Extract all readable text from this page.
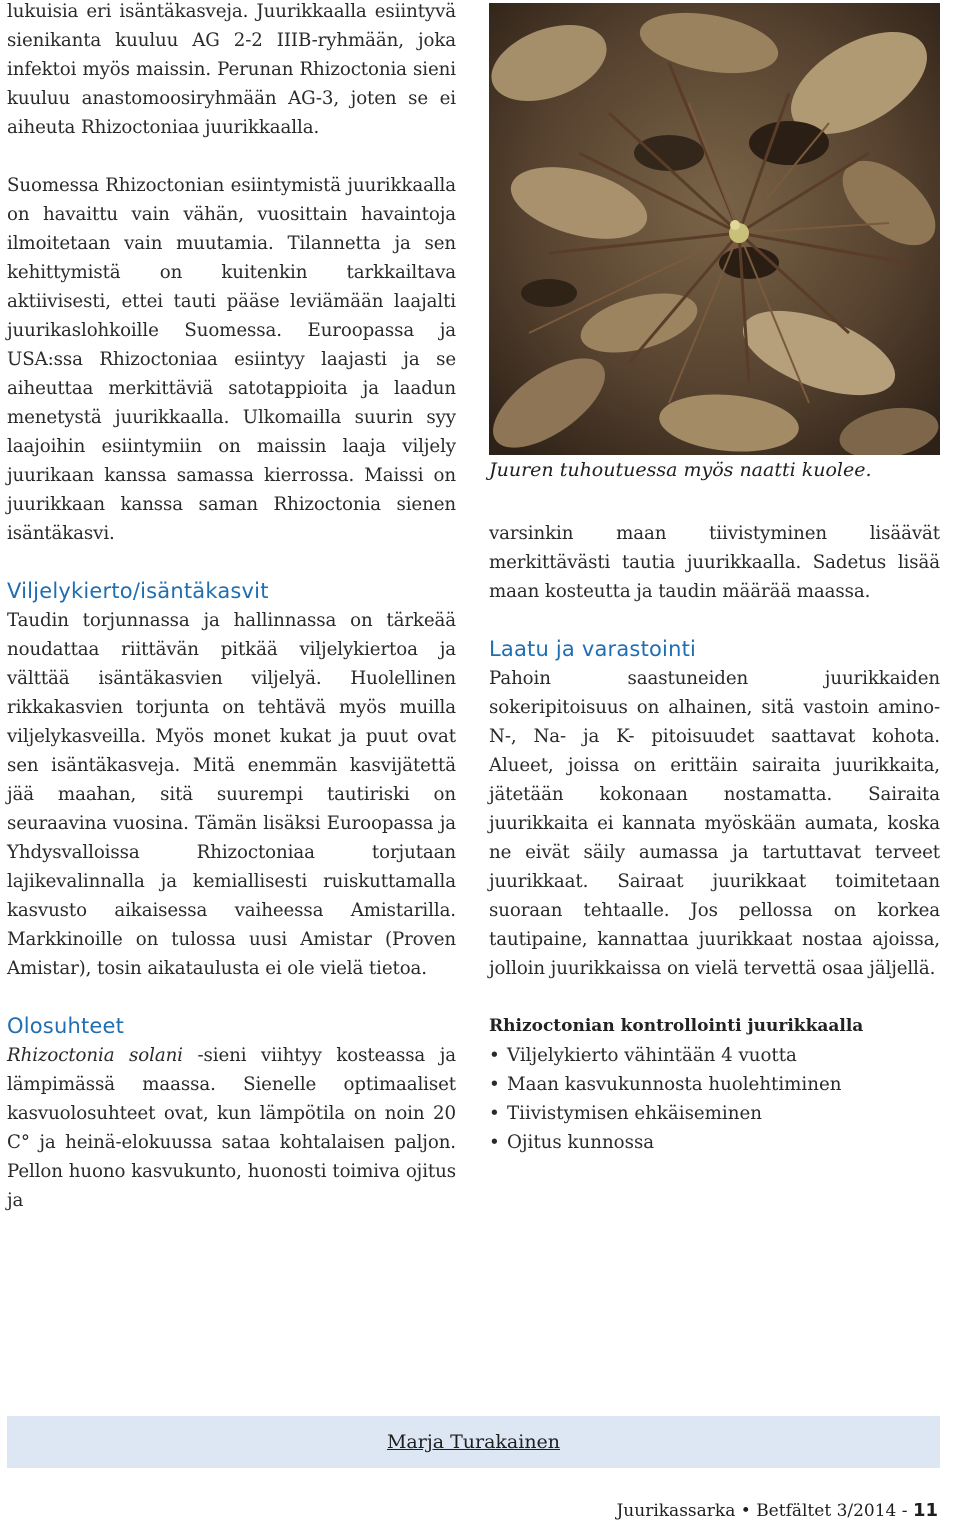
lukuisia eri isäntäkasveja. Juurikkaalla esiintyvä sienikanta kuuluu AG 2-2 IIIB-ryhmään, joka infektoi myös maissin. Perunan Rhizoctonia sieni kuuluu anastomoosiryhmään AG-3, joten se ei aiheuta Rhizoctoniaa juurikkaalla.

Suomessa Rhizoctonian esiintymistä juurikkaalla on havaittu vain vähän, vuosittain havaintoja ilmoitetaan vain muutamia. Tilannetta ja sen kehittymistä on kuitenkin tarkkailtava aktiivisesti, ettei tauti pääse leviämään laajalti juurikaslohkoille Suomessa. Euroopassa ja USA:ssa Rhizoctoniaa esiintyy laajasti ja se aiheuttaa merkittäviä satotappioita ja laadun menetystä juurikkaalla. Ulkomailla suurin syy laajoihin esiintymiin on maissin laaja viljely juurikaan kanssa samassa kierrossa. Maissi on juurikkaan kanssa saman Rhizoctonia sienen isäntäkasvi.

Viljelykierto/isäntäkasvit

Taudin torjunnassa ja hallinnassa on tärkeää noudattaa riittävän pitkää viljelykiertoa ja välttää isäntäkasvien viljelyä. Huolellinen rikkakasvien torjunta on tehtävä myös muilla viljelykasveilla. Myös monet kukat ja puut ovat sen isäntäkasveja. Mitä enemmän kasvijätettä jää maahan, sitä suurempi tautiriski on seuraavina vuosina. Tämän lisäksi Euroopassa ja Yhdysvalloissa Rhizoctoniaa torjutaan lajikevalinnalla ja kemiallisesti ruiskuttamalla kasvusto aikaisessa vaiheessa Amistarilla. Markkinoille on tulossa uusi Amistar (Proven Amistar), tosin aikataulusta ei ole vielä tietoa.

Olosuhteet

Rhizoctonia solani -sieni viihtyy kosteassa ja lämpimässä maassa. Sienelle optimaaliset kasvuolosuhteet ovat, kun lämpötila on noin 20 C° ja heinä-elokuussa sataa kohtalaisen paljon. Pellon huono kasvukunto, huonosti toimiva ojitus ja

Juuren tuhoutuessa myös naatti kuolee.

varsinkin maan tiivistyminen lisäävät merkittävästi tautia juurikkaalla. Sadetus lisää maan kosteutta ja taudin määrää maassa.

Laatu ja varastointi

Pahoin saastuneiden juurikkaiden sokeripitoisuus on alhainen, sitä vastoin amino-N-, Na- ja K- pitoisuudet saattavat kohota. Alueet, joissa on erittäin sairaita juurikkaita, jätetään kokonaan nostamatta. Sairaita juurikkaita ei kannata myöskään aumata, koska ne eivät säily aumassa ja tartuttavat terveet juurikkaat. Sairaat juurikkaat toimitetaan suoraan tehtaalle. Jos pellossa on korkea tautipaine, kannattaa juurikkaat nostaa ajoissa, jolloin juurikkaissa on vielä tervettä osaa jäljellä.

Rhizoctonian kontrollointi juurikkaalla

• Viljelykierto vähintään 4 vuotta
• Maan kasvukunnosta huolehtiminen
• Tiivistymisen ehkäiseminen
• Ojitus kunnossa
Marja Turakainen
Juurikassarka • Betfältet 3/2014 - 11
